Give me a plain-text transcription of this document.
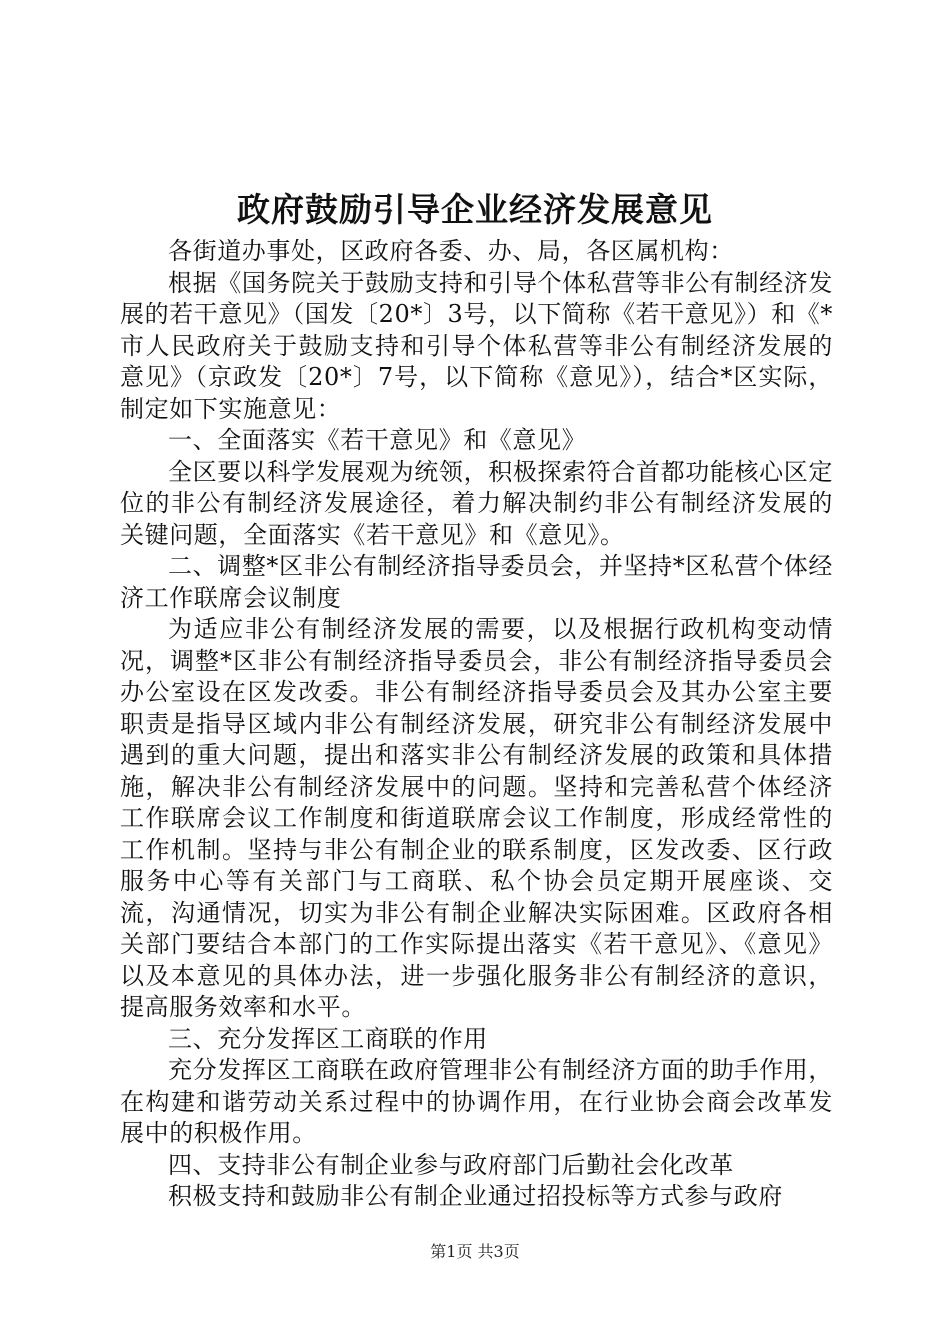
政府鼓励引导企业经济发展意见

各街道办事处，区政府各委、办、局，各区属机构：

根据《国务院关于鼓励支持和引导个体私营等非公有制经济发展的若干意见》（国发〔20*〕3号，以下简称《若干意见》）和《*市人民政府关于鼓励支持和引导个体私营等非公有制经济发展的意见》（京政发〔20*〕7号，以下简称《意见》），结合*区实际，制定如下实施意见：

一、全面落实《若干意见》和《意见》

全区要以科学发展观为统领，积极探索符合首都功能核心区定位的非公有制经济发展途径，着力解决制约非公有制经济发展的关键问题，全面落实《若干意见》和《意见》。

二、调整*区非公有制经济指导委员会，并坚持*区私营个体经济工作联席会议制度

为适应非公有制经济发展的需要，以及根据行政机构变动情况，调整*区非公有制经济指导委员会，非公有制经济指导委员会办公室设在区发改委。非公有制经济指导委员会及其办公室主要职责是指导区域内非公有制经济发展，研究非公有制经济发展中遇到的重大问题，提出和落实非公有制经济发展的政策和具体措施，解决非公有制经济发展中的问题。坚持和完善私营个体经济工作联席会议工作制度和街道联席会议工作制度，形成经常性的工作机制。坚持与非公有制企业的联系制度，区发改委、区行政服务中心等有关部门与工商联、私个协会员定期开展座谈、交流，沟通情况，切实为非公有制企业解决实际困难。区政府各相关部门要结合本部门的工作实际提出落实《若干意见》、《意见》以及本意见的具体办法，进一步强化服务非公有制经济的意识，提高服务效率和水平。

三、充分发挥区工商联的作用

充分发挥区工商联在政府管理非公有制经济方面的助手作用，在构建和谐劳动关系过程中的协调作用，在行业协会商会改革发展中的积极作用。

四、支持非公有制企业参与政府部门后勤社会化改革

积极支持和鼓励非公有制企业通过招投标等方式参与政府

第1页 共3页
